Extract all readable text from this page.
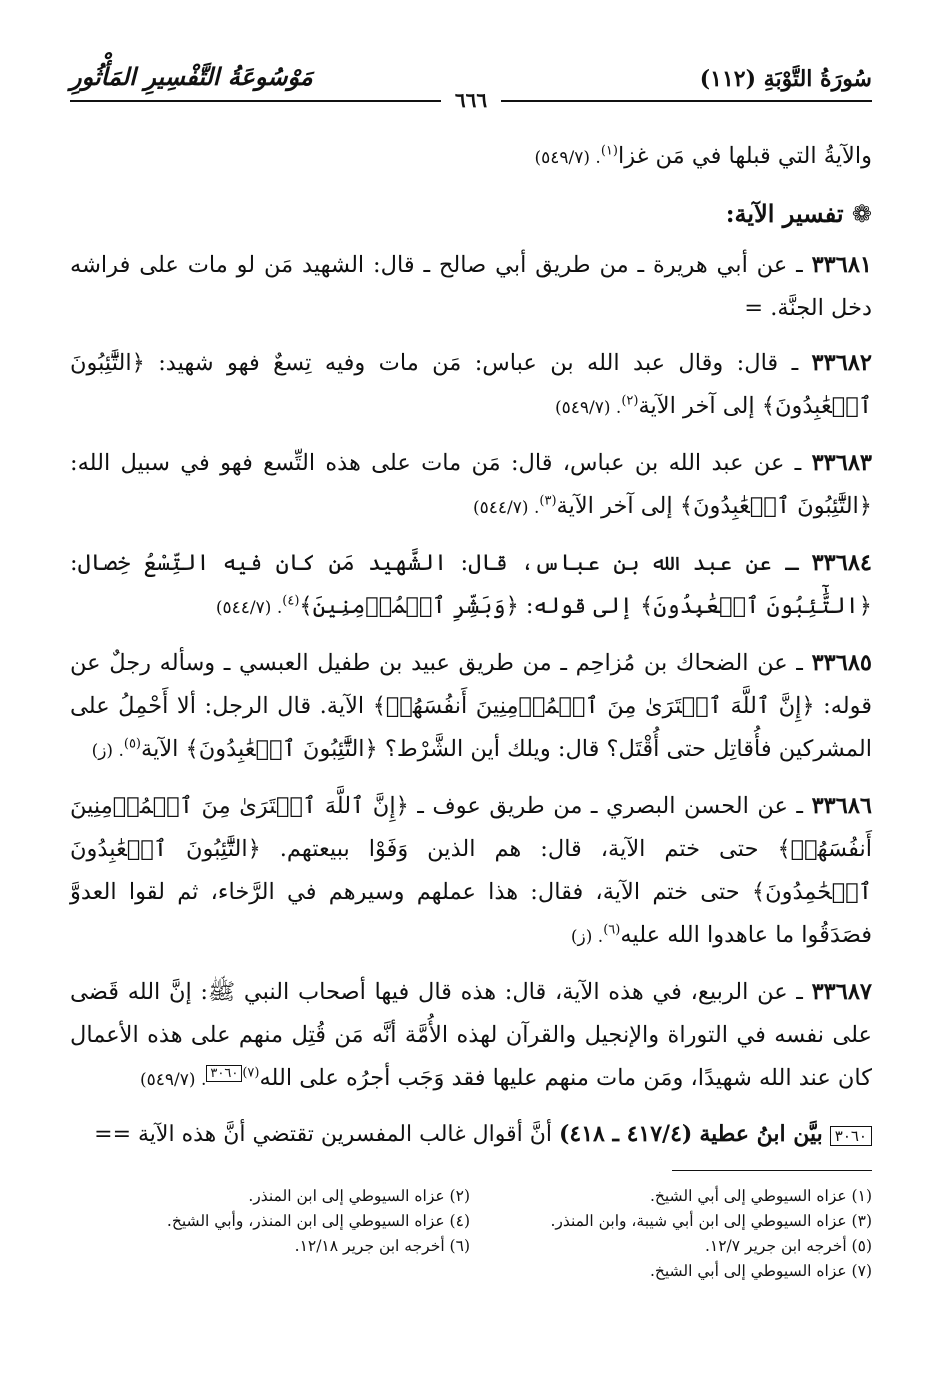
سُورَةُ التَّوْبَةِ (١١٢)
مَوْسُوعَةُ التَّفْسِيرِ المَأْثُورِ
٦٦٦

والآيةُ التي قبلها في مَن غزا$^{(١)}$. (٥٤٩/٧)

❁ تفسير الآية:

٣٣٦٨١ ـ عن أبي هريرة ـ من طريق أبي صالح ـ قال: الشهيد مَن لو مات على فراشه دخل الجنَّة. =

٣٣٦٨٢ ـ قال: وقال عبد الله بن عباس: مَن مات وفيه تِسعٌ فهو شهيد: ﴿التَّٰٓئِبُونَ ٱلۡعَٰبِدُونَ﴾ إلى آخر الآية$^{(٢)}$. (٥٤٩/٧)

٣٣٦٨٣ ـ عن عبد الله بن عباس، قال: مَن مات على هذه التِّسع فهو في سبيل الله: ﴿التَّٰٓئِبُونَ ٱلۡعَٰبِدُونَ﴾ إلى آخر الآية$^{(٣)}$. (٥٤٤/٧)

٣٣٦٨٤ ـ عن عبد الله بن عباس، قال: الشَّهيد مَن كان فيه التِّسْعُ خِصال: ﴿التَّٰٓئِبُونَ ٱلۡعَٰبِدُونَ﴾ إلى قوله: ﴿وَبَشِّرِ ٱلۡمُؤۡمِنِينَ﴾$^{(٤)}$. (٥٤٤/٧)

٣٣٦٨٥ ـ عن الضحاك بن مُزاحِم ـ من طريق عبيد بن طفيل العبسي ـ وسأله رجلٌ عن قوله: ﴿إِنَّ ٱللَّهَ ٱشۡتَرَىٰ مِنَ ٱلۡمُؤۡمِنِينَ أَنفُسَهُمۡ﴾ الآية. قال الرجل: ألا أَحْمِلُ على المشركين فأُقاتِل حتى أُقْتَل؟ قال: ويلك أين الشَّرْط؟ ﴿التَّٰٓئِبُونَ ٱلۡعَٰبِدُونَ﴾ الآية$^{(٥)}$. (ز)

٣٣٦٨٦ ـ عن الحسن البصري ـ من طريق عوف ـ ﴿إِنَّ ٱللَّهَ ٱشۡتَرَىٰ مِنَ ٱلۡمُؤۡمِنِينَ أَنفُسَهُمۡ﴾ حتى ختم الآية، قال: هم الذين وَفَوْا ببيعتهم. ﴿التَّٰٓئِبُونَ ٱلۡعَٰبِدُونَ ٱلۡحَٰمِدُونَ﴾ حتى ختم الآية، فقال: هذا عملهم وسيرهم في الرَّخاء، ثم لقوا العدوَّ فصَدَقُوا ما عاهدوا الله عليه$^{(٦)}$. (ز)

٣٣٦٨٧ ـ عن الربيع، في هذه الآية، قال: هذه قال فيها أصحاب النبي ﷺ: إنَّ الله قَضى على نفسه في التوراة والإنجيل والقرآن لهذه الأُمَّة أنَّه مَن قُتِل منهم على هذه الأعمال كان عند الله شهيدًا، ومَن مات منهم عليها فقد وَجَب أجرُه على الله$^{(٧)٣٠٦٠}$. (٥٤٩/٧)

٣٠٦٠ بيَّن ابنُ عطية (٤١٧/٤ ـ ٤١٨) أنَّ أقوال غالب المفسرين تقتضي أنَّ هذه الآية ==
(١) عزاه السيوطي إلى أبي الشيخ.
(٣) عزاه السيوطي إلى ابن أبي شيبة، وابن المنذر.
(٥) أخرجه ابن جرير ١٢/٧.
(٧) عزاه السيوطي إلى أبي الشيخ.
(٢) عزاه السيوطي إلى ابن المنذر.
(٤) عزاه السيوطي إلى ابن المنذر، وأبي الشيخ.
(٦) أخرجه ابن جرير ١٢/١٨.
